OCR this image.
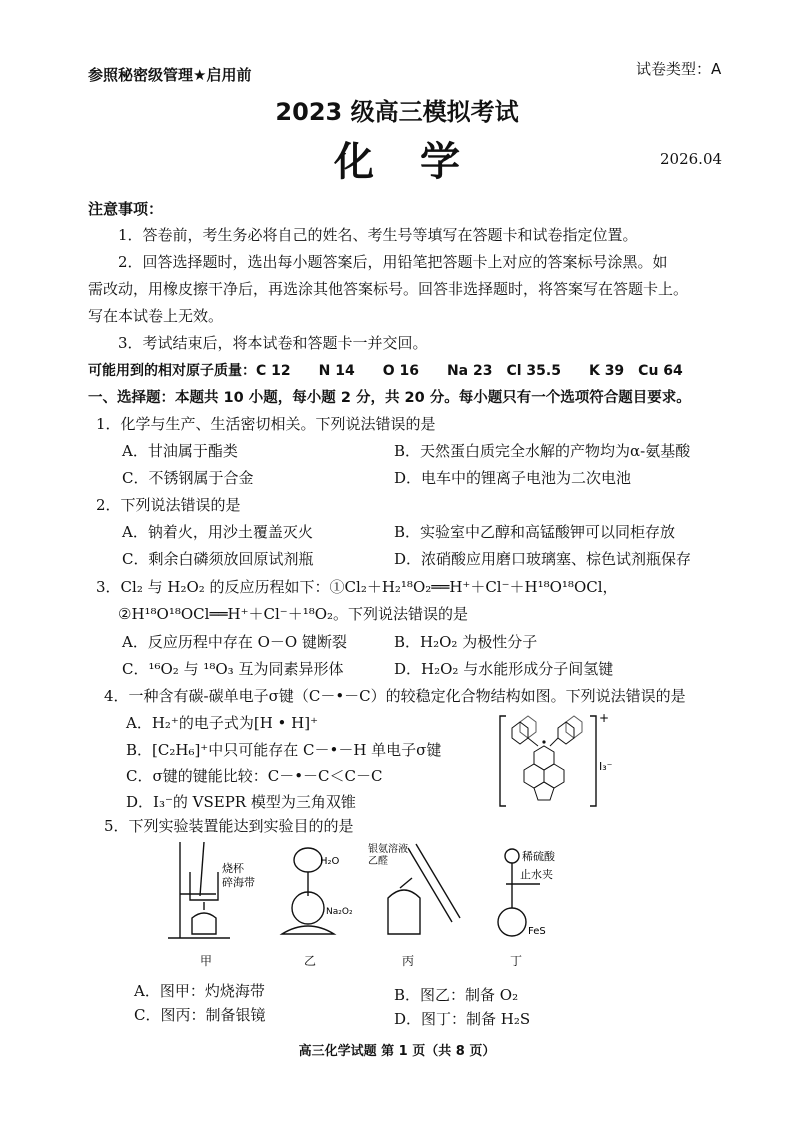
参照秘密级管理★启用前	试卷类型：A
2023 级高三模拟考试
化学	2026.04
注意事项：
1．答卷前，考生务必将自己的姓名、考生号等填写在答题卡和试卷指定位置。
2．回答选择题时，选出每小题答案后，用铅笔把答题卡上对应的答案标号涂黑。如
需改动，用橡皮擦干净后，再选涂其他答案标号。回答非选择题时，将答案写在答题卡上。
写在本试卷上无效。
3．考试结束后，将本试卷和答题卡一并交回。
可能用到的相对原子质量：C 12　　N 14　　O 16　　Na 23　Cl 35.5　　K 39　Cu 64
一、选择题：本题共 10 小题，每小题 2 分，共 20 分。每小题只有一个选项符合题目要求。
1．化学与生产、生活密切相关。下列说法错误的是
A．甘油属于酯类	B．天然蛋白质完全水解的产物均为α-氨基酸
C．不锈钢属于合金	D．电车中的锂离子电池为二次电池
2．下列说法错误的是
A．钠着火，用沙土覆盖灭火	B．实验室中乙醇和高锰酸钾可以同柜存放
C．剩余白磷须放回原试剂瓶	D．浓硝酸应用磨口玻璃塞、棕色试剂瓶保存
3．Cl₂ 与 H₂O₂ 的反应历程如下：①Cl₂＋H₂¹⁸O₂══H⁺＋Cl⁻＋H¹⁸O¹⁸OCl，
②H¹⁸O¹⁸OCl══H⁺＋Cl⁻＋¹⁸O₂。下列说法错误的是
A．反应历程中存在 O－O 键断裂	B．H₂O₂ 为极性分子
C．¹⁶O₂ 与 ¹⁸O₃ 互为同素异形体	D．H₂O₂ 与水能形成分子间氢键
4．一种含有碳-碳单电子σ键（C－•－C）的较稳定化合物结构如图。下列说法错误的是
A．H₂⁺的电子式为[H • H]⁺
B．[C₂H₆]⁺中只可能存在 C－•－H 单电子σ键
C．σ键的键能比较：C－•－C＜C－C
D．I₃⁻的 VSEPR 模型为三角双锥
+
I₃⁻
5．下列实验装置能达到实验目的的是
烧杯
碎海带
H₂O
Na₂O₂
银氨溶液、
乙醛	稀硫酸
止水夹
FeS
甲	乙	丙	丁
A．图甲：灼烧海带	B．图乙：制备 O₂
C．图丙：制备银镜	D．图丁：制备 H₂S
高三化学试题 第 1 页（共 8 页）
